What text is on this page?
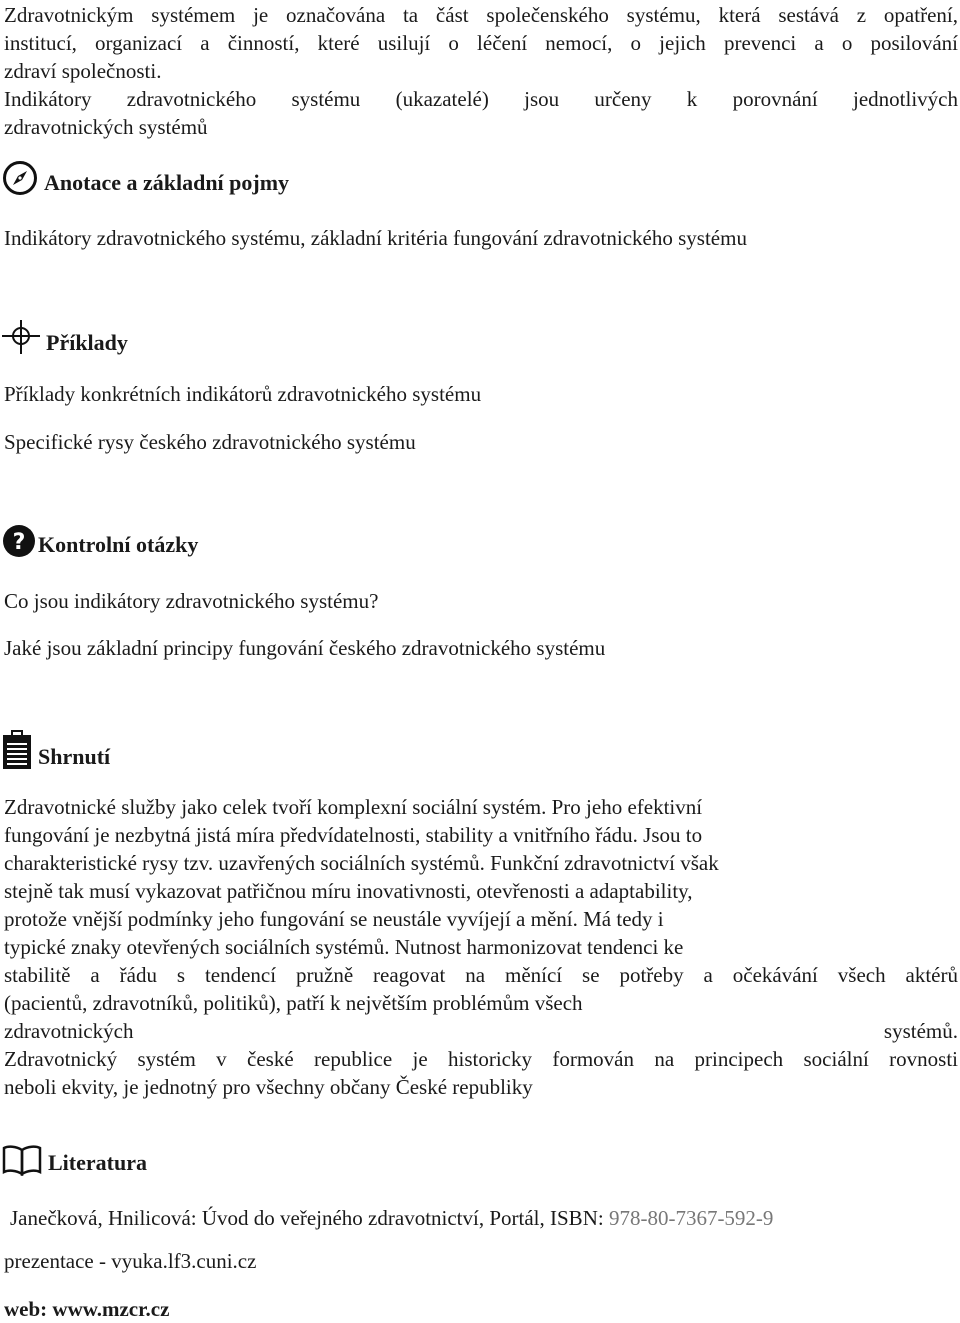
Zdravotnickým systémem je označována ta část společenského systému, která sestává z opatření,
institucí, organizací a činností, které usilují o léčení nemocí, o jejich prevenci a o posilování
zdraví společnosti.
Indikátory zdravotnického systému (ukazatelé) jsou určeny k porovnání jednotlivých
zdravotnických systémů

Anotace a základní pojmy

Indikátory zdravotnického systému, základní kritéria fungování zdravotnického systému

Příklady

Příklady konkrétních indikátorů zdravotnického systému

Specifické rysy českého zdravotnického systému

? Kontrolní otázky

Co jsou indikátory zdravotnického systému?

Jaké jsou základní principy fungování českého zdravotnického systému

Shrnutí

Zdravotnické služby jako celek tvoří komplexní sociální systém. Pro jeho efektivní
fungování je nezbytná jistá míra předvídatelnosti, stability a vnitřního řádu. Jsou to
charakteristické rysy tzv. uzavřených sociálních systémů. Funkční zdravotnictví však
stejně tak musí vykazovat patřičnou míru inovativnosti, otevřenosti a adaptability,
protože vnější podmínky jeho fungování se neustále vyvíjejí a mění. Má tedy i
typické znaky otevřených sociálních systémů. Nutnost harmonizovat tendenci ke
stabilitě a řádu s tendencí pružně reagovat na měnící se potřeby a očekávání všech aktérů
(pacientů, zdravotníků, politiků), patří k největším problémům všech
zdravotnických systémů.
Zdravotnický systém v české republice je historicky formován na principech sociální rovnosti
neboli ekvity, je jednotný pro všechny občany České republiky

Literatura

Janečková, Hnilicová: Úvod do veřejného zdravotnictví, Portál, ISBN: 978-80-7367-592-9

prezentace - vyuka.lf3.cuni.cz

web: www.mzcr.cz
